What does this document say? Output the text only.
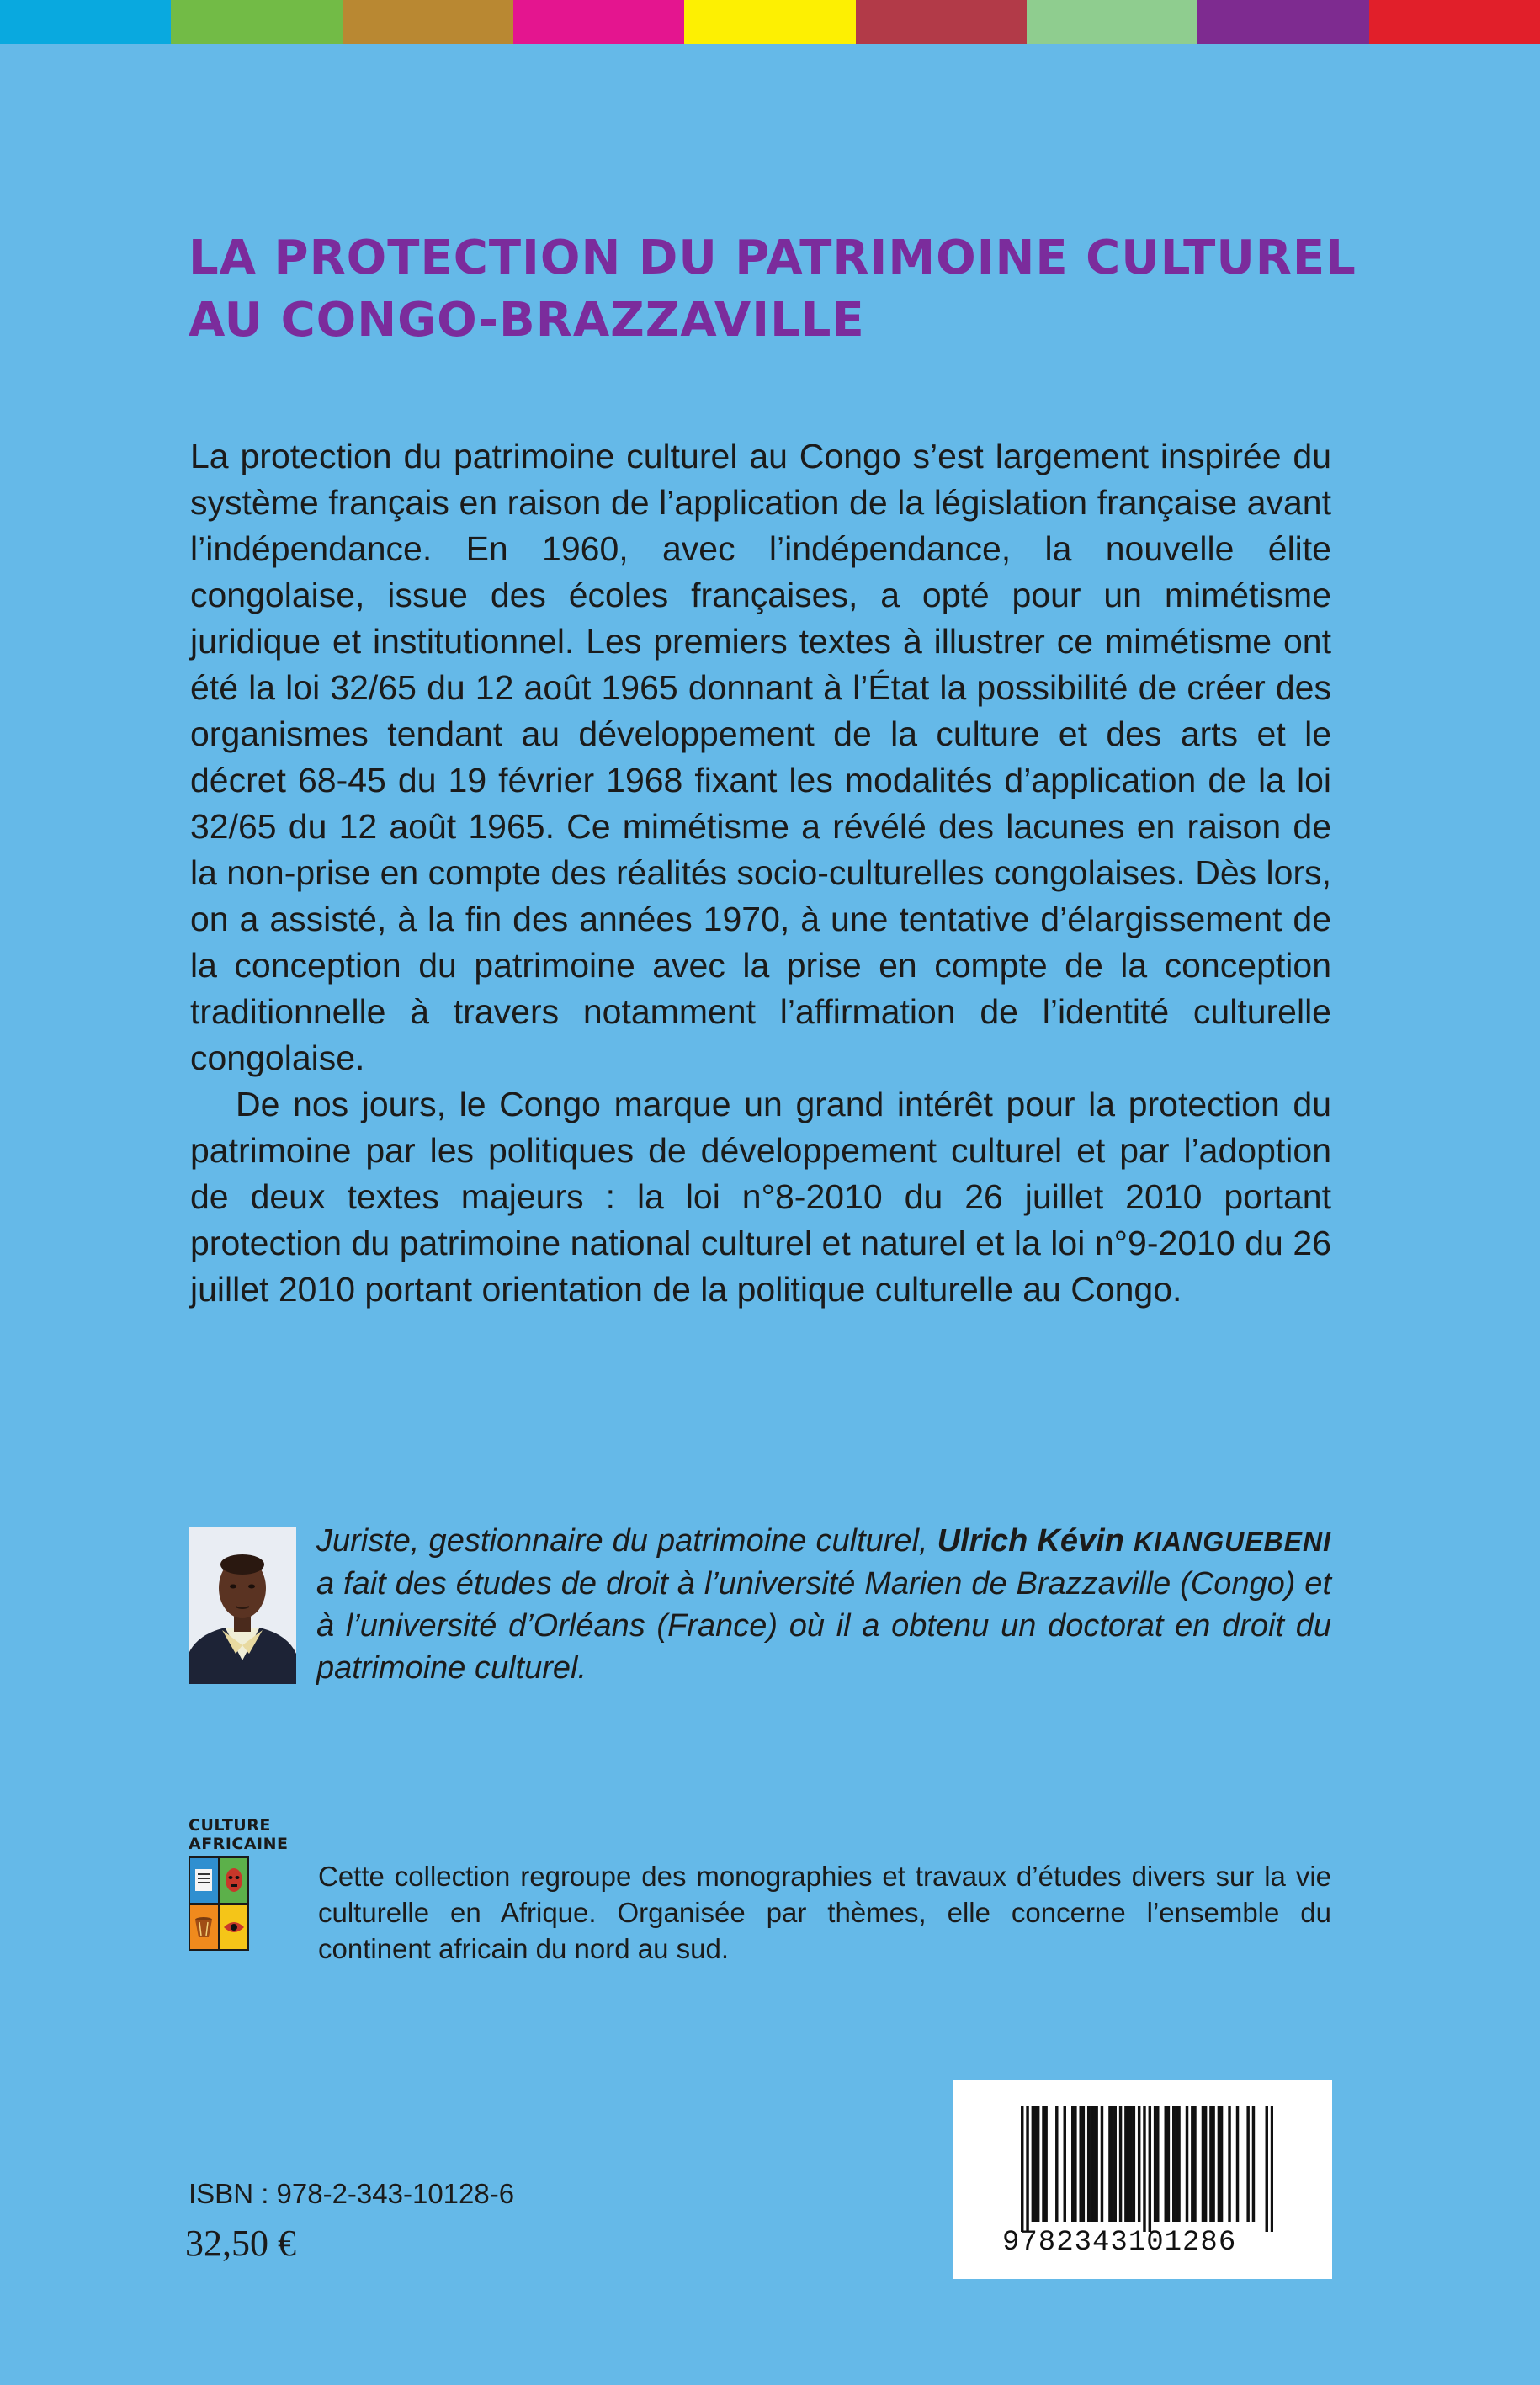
LA PROTECTION DU PATRIMOINE CULTUREL
AU CONGO-BRAZZAVILLE

La protection du patrimoine culturel au Congo s’est largement inspirée du système français en raison de l’application de la législation française avant l’indépendance. En 1960, avec l’indépendance, la nouvelle élite congolaise, issue des écoles françaises, a opté pour un mimétisme juridique et institutionnel. Les premiers textes à illustrer ce mimétisme ont été la loi 32/65 du 12 août 1965 donnant à l’État la possibilité de créer des organismes tendant au développement de la culture et des arts et le décret 68-45 du 19 février 1968 fixant les modalités d’application de la loi 32/65 du 12 août 1965. Ce mimétisme a révélé des lacunes en raison de la non-prise en compte des réalités socio-culturelles congolaises. Dès lors, on a assisté, à la fin des années 1970, à une tentative d’élargissement de la conception du patrimoine avec la prise en compte de la conception traditionnelle à travers notamment l’affirmation de l’identité culturelle congolaise.

De nos jours, le Congo marque un grand intérêt pour la protection du patrimoine par les politiques de développement culturel et par l’adoption de deux textes majeurs : la loi n°8-2010 du 26 juillet 2010 portant protection du patrimoine national culturel et naturel et la loi n°9-2010 du 26 juillet 2010 portant orientation de la politique culturelle au Congo.

Juriste, gestionnaire du patrimoine culturel, Ulrich Kévin KIANGUEBENI a fait des études de droit à l’université Marien de Brazzaville (Congo) et à l’université d’Orléans (France) où il a obtenu un doctorat en droit du patrimoine culturel.
CULTURE
AFRICAINE
Cette collection regroupe des monographies et travaux d’études divers sur la vie culturelle en Afrique. Organisée par thèmes, elle concerne l’ensemble du continent africain du nord au sud.
ISBN : 978-2-343-10128-6
32,50 €	9782343101286
